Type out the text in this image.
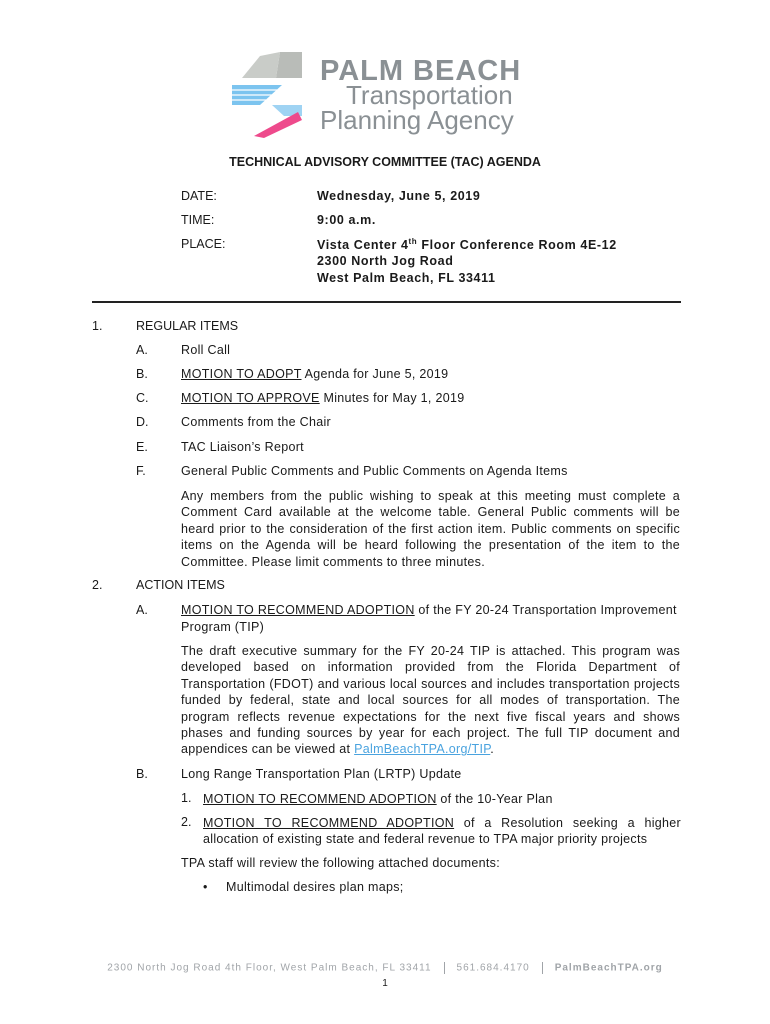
PALM BEACH
Transportation
Planning Agency
TECHNICAL ADVISORY COMMITTEE (TAC) AGENDA
DATE:	Wednesday, June 5, 2019
TIME:	9:00 a.m.
PLACE:	Vista Center 4th Floor Conference Room 4E-12
2300 North Jog Road
West Palm Beach, FL 33411
1.	REGULAR ITEMS
A.	Roll Call
B.	MOTION TO ADOPT Agenda for June 5, 2019
C.	MOTION TO APPROVE Minutes for May 1, 2019
D.	Comments from the Chair
E.	TAC Liaison’s Report
F.	General Public Comments and Public Comments on Agenda Items
Any members from the public wishing to speak at this meeting must complete a Comment Card available at the welcome table. General Public comments will be heard prior to the consideration of the first action item. Public comments on specific items on the Agenda will be heard following the presentation of the item to the Committee. Please limit comments to three minutes.
2.	ACTION ITEMS
A.	MOTION TO RECOMMEND ADOPTION of the FY 20-24 Transportation Improvement
Program (TIP)
The draft executive summary for the FY 20-24 TIP is attached. This program was developed based on information provided from the Florida Department of Transportation (FDOT) and various local sources and includes transportation projects funded by federal, state and local sources for all modes of transportation. The program reflects revenue expectations for the next five fiscal years and shows phases and funding sources by year for each project. The full TIP document and appendices can be viewed at PalmBeachTPA.org/TIP.
B.	Long Range Transportation Plan (LRTP) Update
1. MOTION TO RECOMMEND ADOPTION of the 10-Year Plan
2. MOTION TO RECOMMEND ADOPTION of a Resolution seeking a higher allocation of existing state and federal revenue to TPA major priority projects
TPA staff will review the following attached documents:
• Multimodal desires plan maps;
2300 North Jog Road 4th Floor, West Palm Beach, FL 33411	561.684.4170	PalmBeachTPA.org
1
